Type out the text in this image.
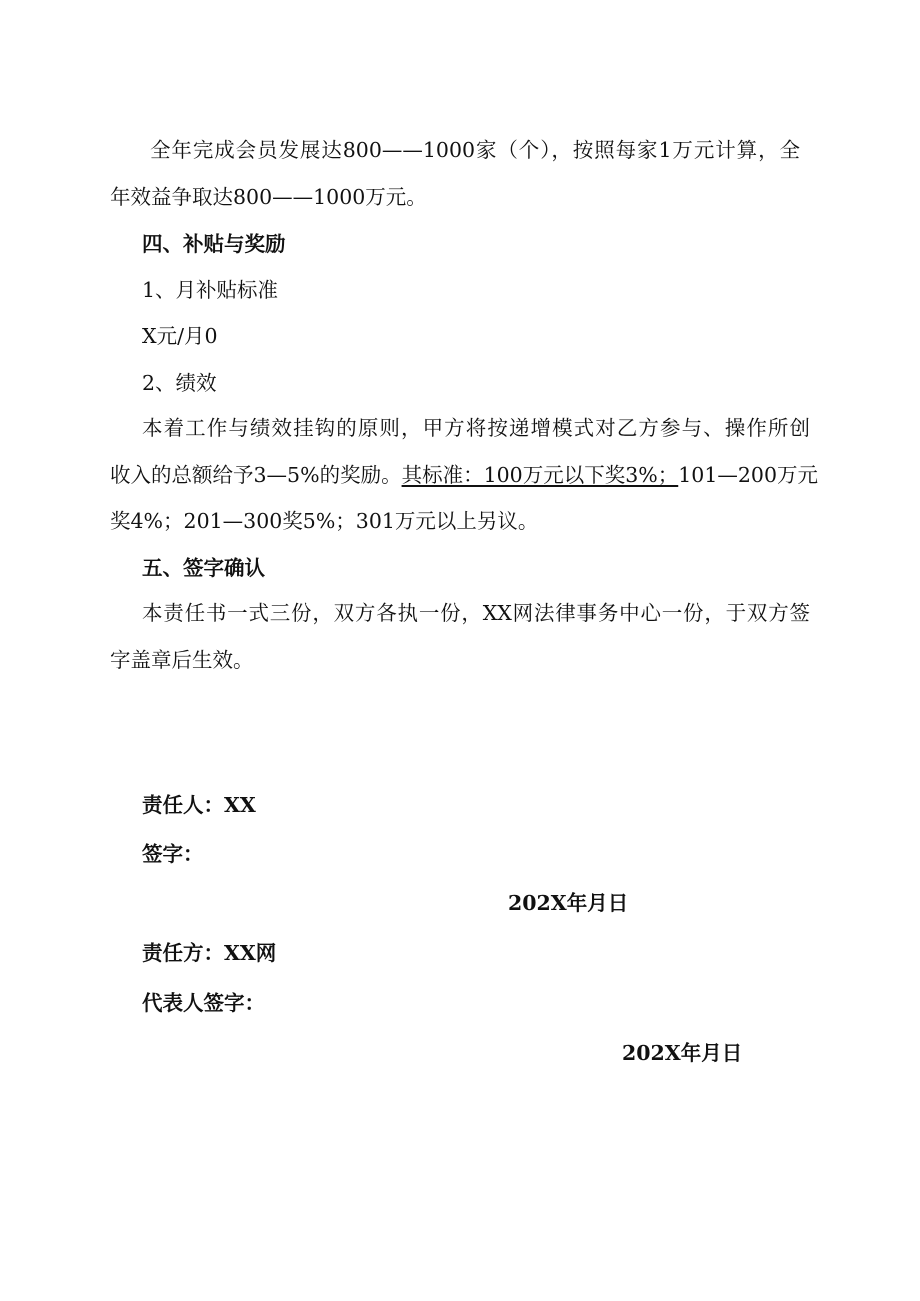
全年完成会员发展达800——1000家（个），按照每家1万元计算，全
年效益争取达800——1000万元。
四、补贴与奖励
1、月补贴标准
X元/月0
2、绩效
本着工作与绩效挂钩的原则，甲方将按递增模式对乙方参与、操作所创
收入的总额给予3—5%的奖励。其标准：100万元以下奖3%；101—200万元
奖4%；201—300奖5%；301万元以上另议。
五、签字确认
本责任书一式三份，双方各执一份，XX网法律事务中心一份，于双方签
字盖章后生效。
责任人：XX
签字：
202X年月日
责任方：XX网
代表人签字：
202X年月日
